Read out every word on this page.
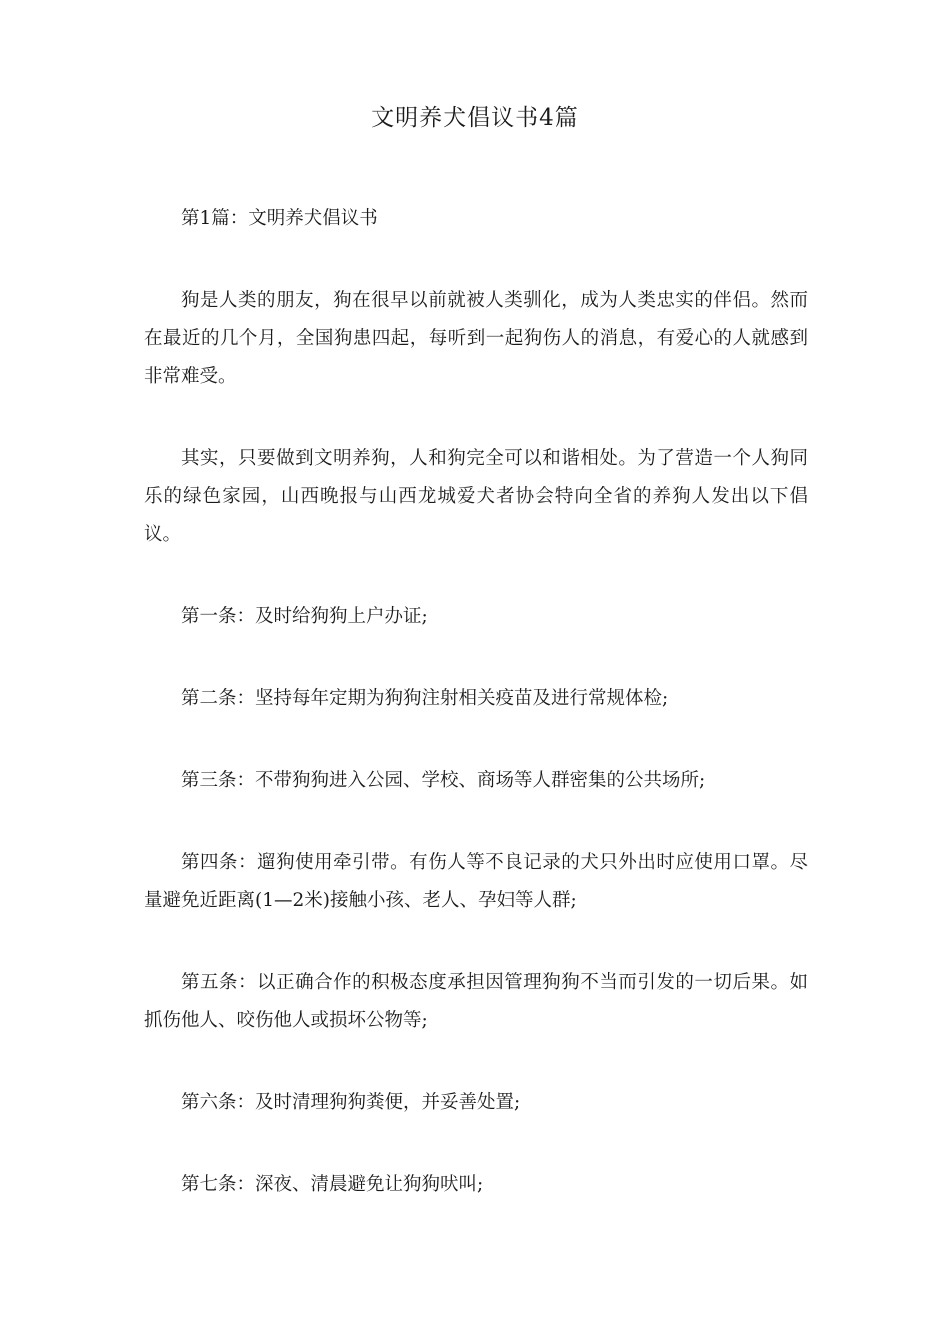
文明养犬倡议书4篇

第1篇：文明养犬倡议书

狗是人类的朋友，狗在很早以前就被人类驯化，成为人类忠实的伴侣。然而在最近的几个月，全国狗患四起，每听到一起狗伤人的消息，有爱心的人就感到非常难受。

其实，只要做到文明养狗，人和狗完全可以和谐相处。为了营造一个人狗同乐的绿色家园，山西晚报与山西龙城爱犬者协会特向全省的养狗人发出以下倡议。

第一条：及时给狗狗上户办证;

第二条：坚持每年定期为狗狗注射相关疫苗及进行常规体检;

第三条：不带狗狗进入公园、学校、商场等人群密集的公共场所;

第四条：遛狗使用牵引带。有伤人等不良记录的犬只外出时应使用口罩。尽量避免近距离(1—2米)接触小孩、老人、孕妇等人群;

第五条：以正确合作的积极态度承担因管理狗狗不当而引发的一切后果。如抓伤他人、咬伤他人或损坏公物等;

第六条：及时清理狗狗粪便，并妥善处置;

第七条：深夜、清晨避免让狗狗吠叫;
